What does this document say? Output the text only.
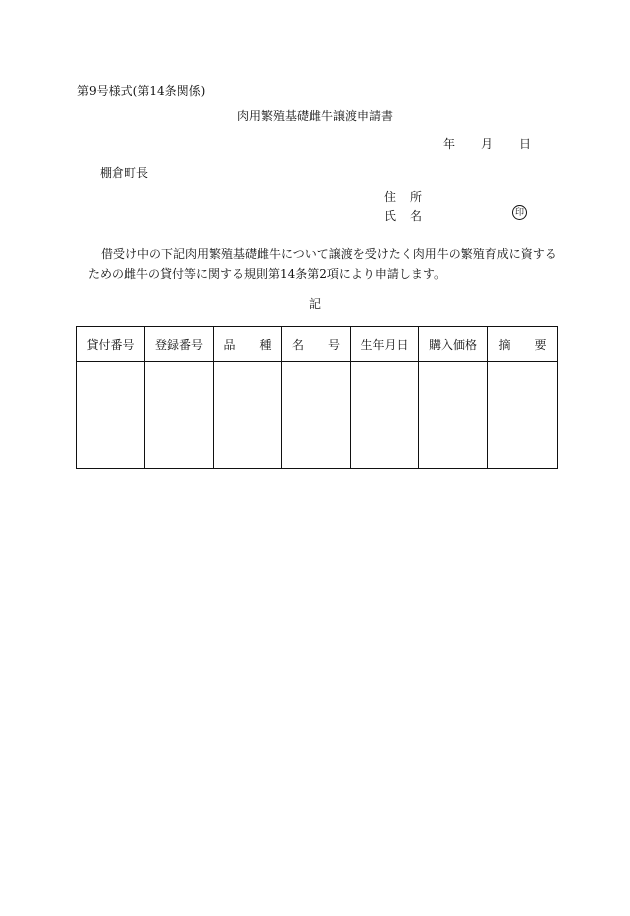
第9号様式(第14条関係)
肉用繁殖基礎雌牛譲渡申請書
年 月 日
棚倉町長
住 所
氏 名	印
借受け中の下記肉用繁殖基礎雌牛について譲渡を受けたく肉用牛の繁殖育成に資する
ための雌牛の貸付等に関する規則第14条第2項により申請します。
記
貸付番号	登録番号	品　　種	名　　号	生年月日	購入価格	摘　　要
